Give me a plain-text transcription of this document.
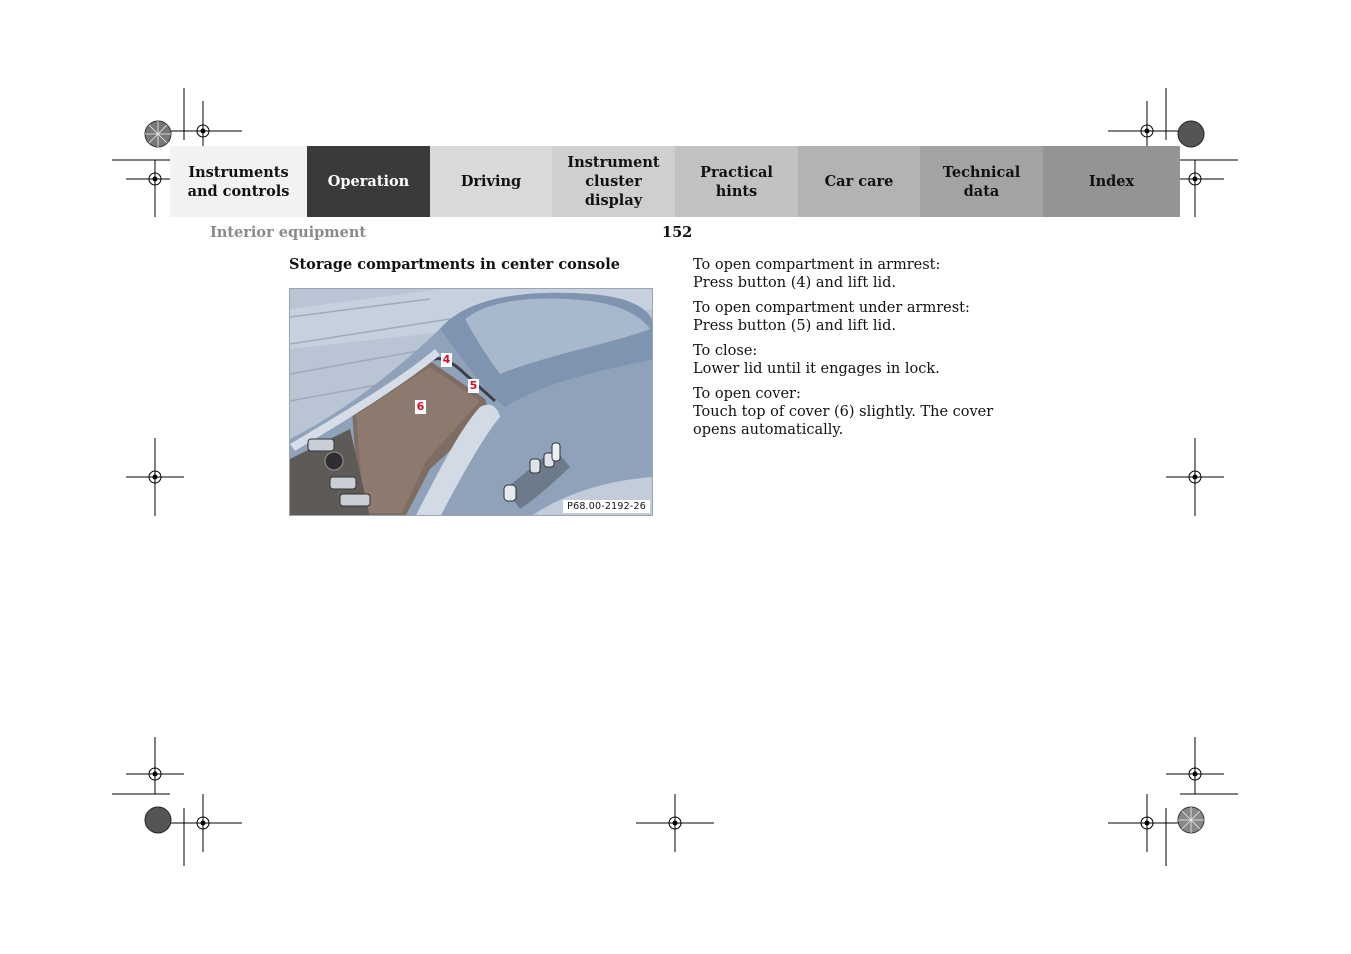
Instruments
and controls
Operation	Driving
Instrument
cluster display
Practical hints
Car care
Technical
data
Index
Interior equipment	152
Storage compartments in center console
4
5
6
P68.00-2192-26

To open compartment in armrest:
Press button (4) and lift lid.

To open compartment under armrest:
Press button (5) and lift lid.

To close:
Lower lid until it engages in lock.

To open cover:
Touch top of cover (6) slightly. The cover opens automatically.
